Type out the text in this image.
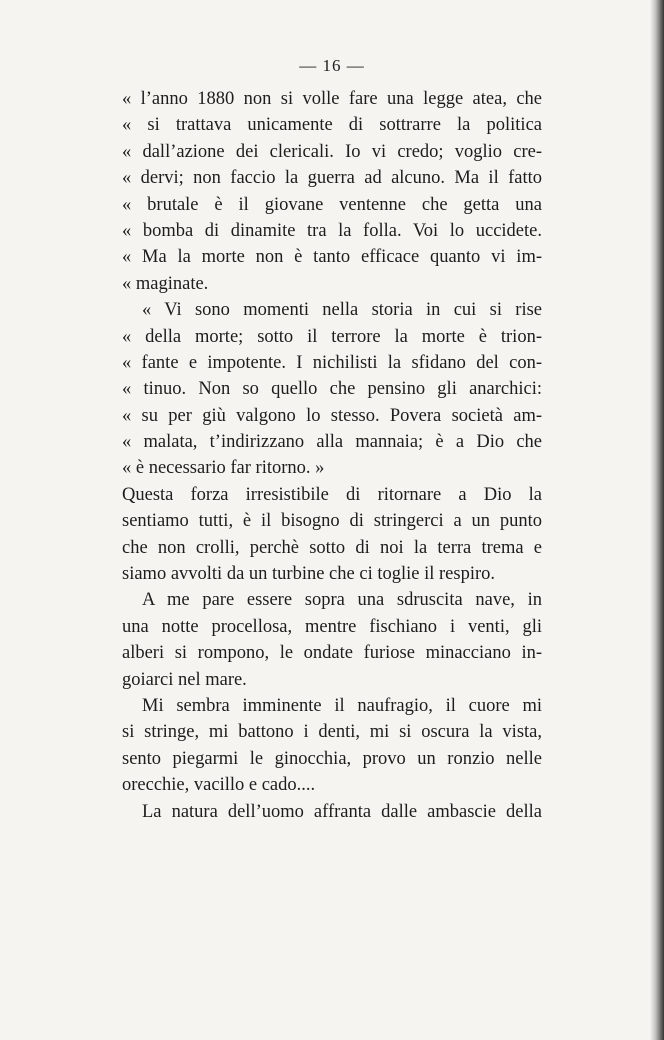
— 16 —
« l’anno 1880 non si volle fare una legge atea, che
« si trattava unicamente di sottrarre la politica
« dall’azione dei clericali. Io vi credo; voglio cre-
« dervi; non faccio la guerra ad alcuno. Ma il fatto
« brutale è il giovane ventenne che getta una
« bomba di dinamite tra la folla. Voi lo uccidete.
« Ma la morte non è tanto efficace quanto vi im-
« maginate.
« Vi sono momenti nella storia in cui si rise
« della morte; sotto il terrore la morte è trion-
« fante e impotente. I nichilisti la sfidano del con-
« tinuo. Non so quello che pensino gli anarchici:
« su per giù valgono lo stesso. Povera società am-
« malata, t’indirizzano alla mannaia; è a Dio che
« è necessario far ritorno. »
Questa forza irresistibile di ritornare a Dio la
sentiamo tutti, è il bisogno di stringerci a un punto
che non crolli, perchè sotto di noi la terra trema e
siamo avvolti da un turbine che ci toglie il respiro.
A me pare essere sopra una sdruscita nave, in
una notte procellosa, mentre fischiano i venti, gli
alberi si rompono, le ondate furiose minacciano in-
goiarci nel mare.
Mi sembra imminente il naufragio, il cuore mi
si stringe, mi battono i denti, mi si oscura la vista,
sento piegarmi le ginocchia, provo un ronzio nelle
orecchie, vacillo e cado....
La natura dell’uomo affranta dalle ambascie della
